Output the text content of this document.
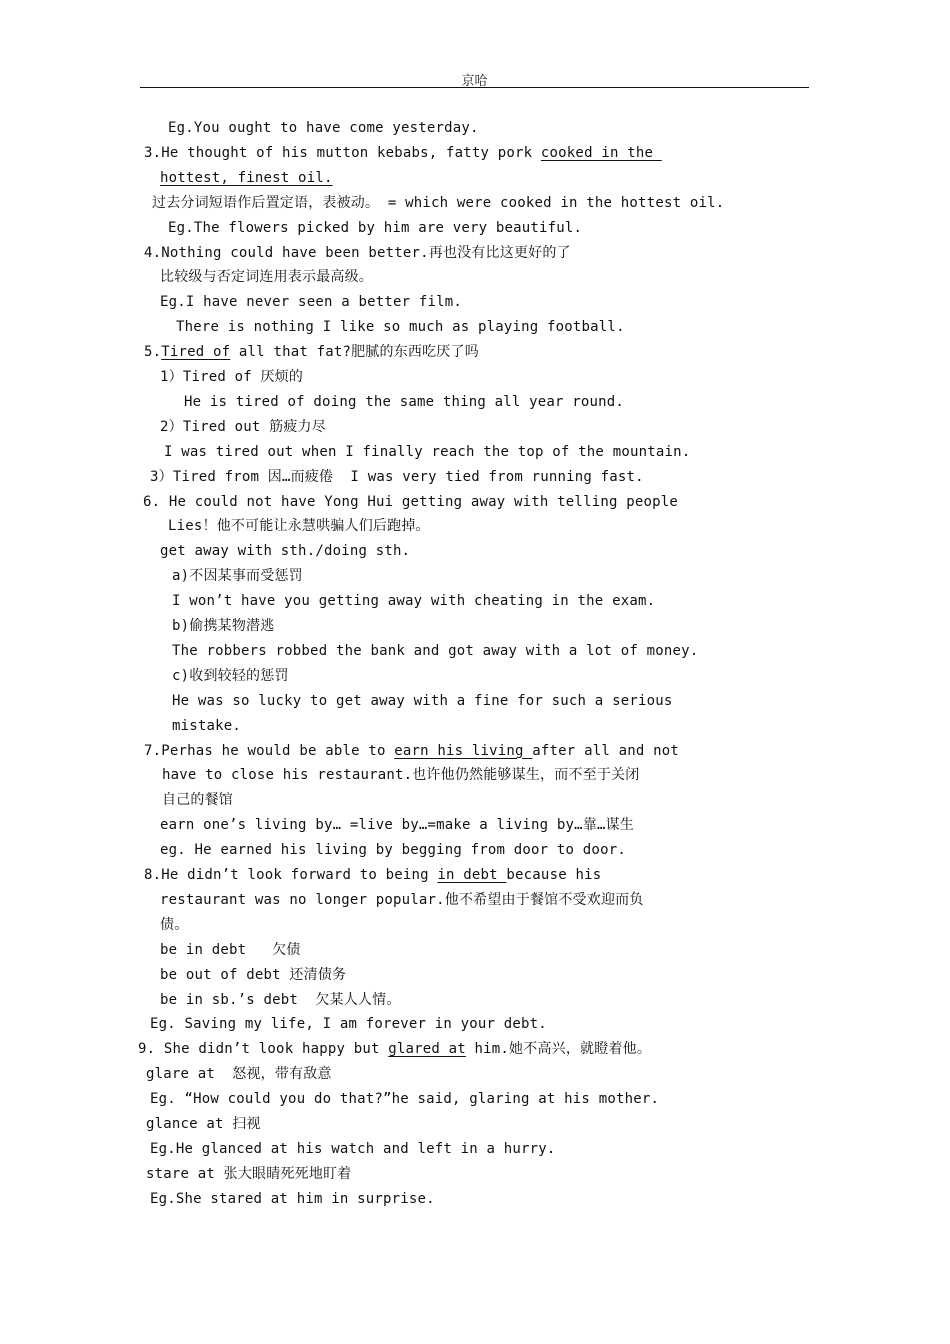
京哈
Eg.You ought to have come yesterday.
3.He thought of his mutton kebabs, fatty pork cooked in the
hottest, finest oil.
过去分词短语作后置定语，表被动。 = which were cooked in the hottest oil.
Eg.The flowers picked by him are very beautiful.
4.Nothing could have been better.再也没有比这更好的了
比较级与否定词连用表示最高级。
Eg.I have never seen a better film.
There is nothing I like so much as playing football.
5.Tired of all that fat?肥腻的东西吃厌了吗
1）Tired of 厌烦的
He is tired of doing the same thing all year round.
2）Tired out 筋疲力尽
I was tired out when I finally reach the top of the mountain.
3）Tired from 因…而疲倦  I was very tied from running fast.
6. He could not have Yong Hui getting away with telling people
Lies！他不可能让永慧哄骗人们后跑掉。
get away with sth./doing sth.
a)不因某事而受惩罚
I won’t have you getting away with cheating in the exam.
b)偷携某物潜逃
The robbers robbed the bank and got away with a lot of money.
c)收到较轻的惩罚
He was so lucky to get away with a fine for such a serious
mistake.
7.Perhas he would be able to earn his living after all and not
have to close his restaurant.也许他仍然能够谋生，而不至于关闭
自己的餐馆
earn one’s living by… =live by…=make a living by…靠…谋生
eg. He earned his living by begging from door to door.
8.He didn’t look forward to being in debt because his
restaurant was no longer popular.他不希望由于餐馆不受欢迎而负
债。
be in debt   欠债
be out of debt 还清债务
be in sb.’s debt  欠某人人情。
Eg. Saving my life, I am forever in your debt.
9. She didn’t look happy but glared at him.她不高兴，就瞪着他。
glare at  怒视，带有敌意
Eg. “How could you do that?”he said, glaring at his mother.
glance at 扫视
Eg.He glanced at his watch and left in a hurry.
stare at 张大眼睛死死地盯着
Eg.She stared at him in surprise.
